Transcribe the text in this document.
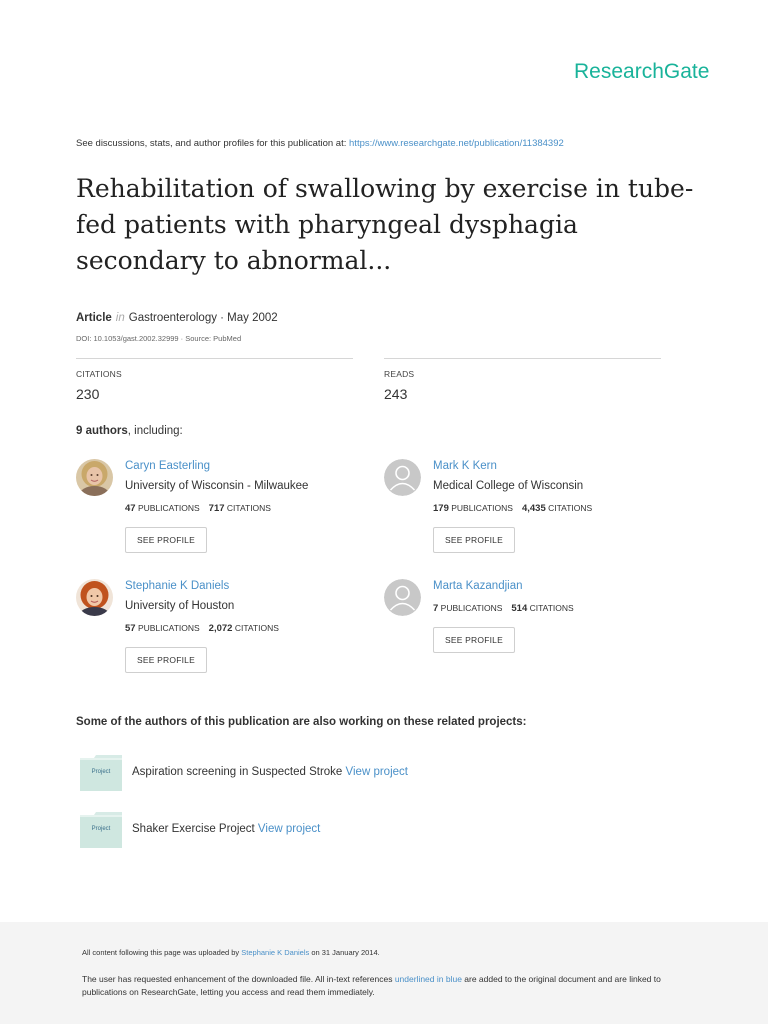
ResearchGate
See discussions, stats, and author profiles for this publication at: https://www.researchgate.net/publication/11384392
Rehabilitation of swallowing by exercise in tube-fed patients with pharyngeal dysphagia secondary to abnormal...
Article in Gastroenterology · May 2002
DOI: 10.1053/gast.2002.32999 · Source: PubMed
CITATIONS
230
READS
243
9 authors, including:
Caryn Easterling
University of Wisconsin - Milwaukee
47 PUBLICATIONS 717 CITATIONS
SEE PROFILE
Mark K Kern
Medical College of Wisconsin
179 PUBLICATIONS 4,435 CITATIONS
SEE PROFILE
Stephanie K Daniels
University of Houston
57 PUBLICATIONS 2,072 CITATIONS
SEE PROFILE
Marta Kazandjian
7 PUBLICATIONS 514 CITATIONS
SEE PROFILE
Some of the authors of this publication are also working on these related projects:
Project	Aspiration screening in Suspected Stroke View project
Project	Shaker Exercise Project View project
All content following this page was uploaded by Stephanie K Daniels on 31 January 2014.
The user has requested enhancement of the downloaded file. All in-text references underlined in blue are added to the original document and are linked to publications on ResearchGate, letting you access and read them immediately.
